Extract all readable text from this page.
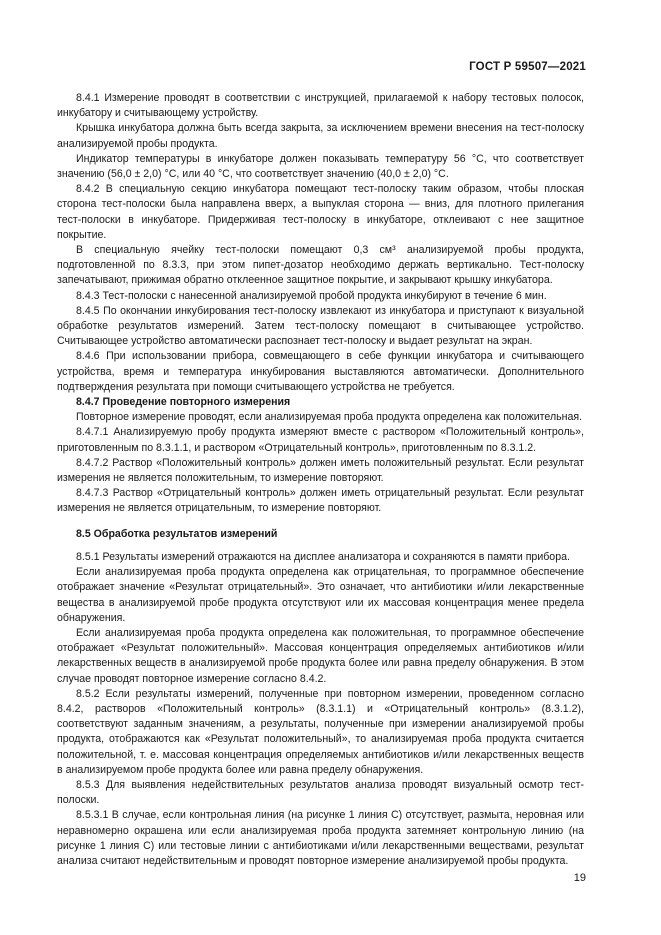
ГОСТ Р 59507—2021

8.4.1 Измерение проводят в соответствии с инструкцией, прилагаемой к набору тестовых полосок, инкубатору и считывающему устройству.

Крышка инкубатора должна быть всегда закрыта, за исключением времени внесения на тест-полоску анализируемой пробы продукта.

Индикатор температуры в инкубаторе должен показывать температуру 56 °С, что соответствует значению (56,0 ± 2,0) °С, или 40 °С, что соответствует значению (40,0 ± 2,0) °С.

8.4.2 В специальную секцию инкубатора помещают тест-полоску таким образом, чтобы плоская сторона тест-полоски была направлена вверх, а выпуклая сторона — вниз, для плотного прилегания тест-полоски в инкубаторе. Придерживая тест-полоску в инкубаторе, отклеивают с нее защитное покрытие.

В специальную ячейку тест-полоски помещают 0,3 см³ анализируемой пробы продукта, подготовленной по 8.3.3, при этом пипет-дозатор необходимо держать вертикально. Тест-полоску запечатывают, прижимая обратно отклеенное защитное покрытие, и закрывают крышку инкубатора.

8.4.3 Тест-полоски с нанесенной анализируемой пробой продукта инкубируют в течение 6 мин.

8.4.5 По окончании инкубирования тест-полоску извлекают из инкубатора и приступают к визуальной обработке результатов измерений. Затем тест-полоску помещают в считывающее устройство. Считывающее устройство автоматически распознает тест-полоску и выдает результат на экран.

8.4.6 При использовании прибора, совмещающего в себе функции инкубатора и считывающего устройства, время и температура инкубирования выставляются автоматически. Дополнительного подтверждения результата при помощи считывающего устройства не требуется.

8.4.7 Проведение повторного измерения

Повторное измерение проводят, если анализируемая проба продукта определена как положительная.

8.4.7.1 Анализируемую пробу продукта измеряют вместе с раствором «Положительный контроль», приготовленным по 8.3.1.1, и раствором «Отрицательный контроль», приготовленным по 8.3.1.2.

8.4.7.2 Раствор «Положительный контроль» должен иметь положительный результат. Если результат измерения не является положительным, то измерение повторяют.

8.4.7.3 Раствор «Отрицательный контроль» должен иметь отрицательный результат. Если результат измерения не является отрицательным, то измерение повторяют.

8.5 Обработка результатов измерений

8.5.1 Результаты измерений отражаются на дисплее анализатора и сохраняются в памяти прибора.

Если анализируемая проба продукта определена как отрицательная, то программное обеспечение отображает значение «Результат отрицательный». Это означает, что антибиотики и/или лекарственные вещества в анализируемой пробе продукта отсутствуют или их массовая концентрация менее предела обнаружения.

Если анализируемая проба продукта определена как положительная, то программное обеспечение отображает «Результат положительный». Массовая концентрация определяемых антибиотиков и/или лекарственных веществ в анализируемой пробе продукта более или равна пределу обнаружения. В этом случае проводят повторное измерение согласно 8.4.2.

8.5.2 Если результаты измерений, полученные при повторном измерении, проведенном согласно 8.4.2, растворов «Положительный контроль» (8.3.1.1) и «Отрицательный контроль» (8.3.1.2), соответствуют заданным значениям, а результаты, полученные при измерении анализируемой пробы продукта, отображаются как «Результат положительный», то анализируемая проба продукта считается положительной, т. е. массовая концентрация определяемых антибиотиков и/или лекарственных веществ в анализируемом пробе продукта более или равна пределу обнаружения.

8.5.3 Для выявления недействительных результатов анализа проводят визуальный осмотр тест-полоски.

8.5.3.1 В случае, если контрольная линия (на рисунке 1 линия С) отсутствует, размыта, неровная или неравномерно окрашена или если анализируемая проба продукта затемняет контрольную линию (на рисунке 1 линия С) или тестовые линии с антибиотиками и/или лекарственными веществами, результат анализа считают недействительным и проводят повторное измерение анализируемой пробы продукта.

19
